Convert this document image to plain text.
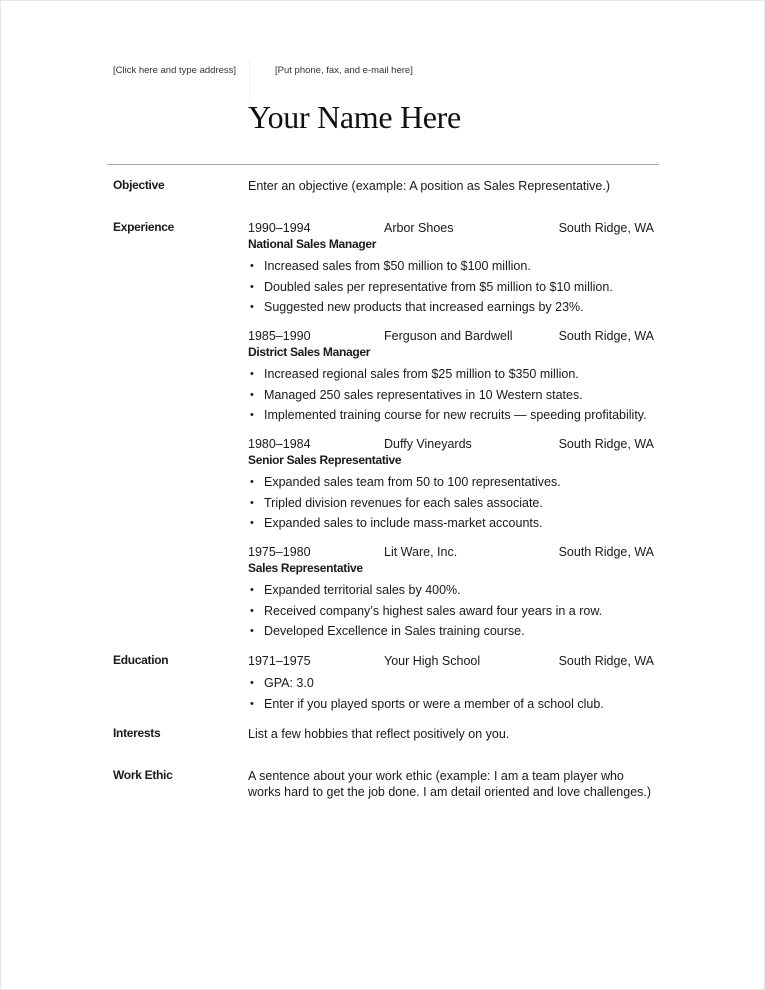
[Click here and type address]	[Put phone, fax, and e-mail here]
Your Name Here
Objective	Enter an objective (example: A position as Sales Representative.)
Experience	1990–1994	Arbor Shoes	South Ridge, WA
National Sales Manager
• Increased sales from $50 million to $100 million.
• Doubled sales per representative from $5 million to $10 million.
• Suggested new products that increased earnings by 23%.
1985–1990	Ferguson and Bardwell	South Ridge, WA
District Sales Manager
• Increased regional sales from $25 million to $350 million.
• Managed 250 sales representatives in 10 Western states.
• Implemented training course for new recruits — speeding profitability.
1980–1984	Duffy Vineyards	South Ridge, WA
Senior Sales Representative
• Expanded sales team from 50 to 100 representatives.
• Tripled division revenues for each sales associate.
• Expanded sales to include mass-market accounts.
1975–1980	Lit Ware, Inc.	South Ridge, WA
Sales Representative
• Expanded territorial sales by 400%.
• Received company’s highest sales award four years in a row.
• Developed Excellence in Sales training course.
Education	1971–1975	Your High School	South Ridge, WA
• GPA: 3.0
• Enter if you played sports or were a member of a school club.
Interests	List a few hobbies that reflect positively on you.
Work Ethic	A sentence about your work ethic (example: I am a team player who
works hard to get the job done. I am detail oriented and love challenges.)
